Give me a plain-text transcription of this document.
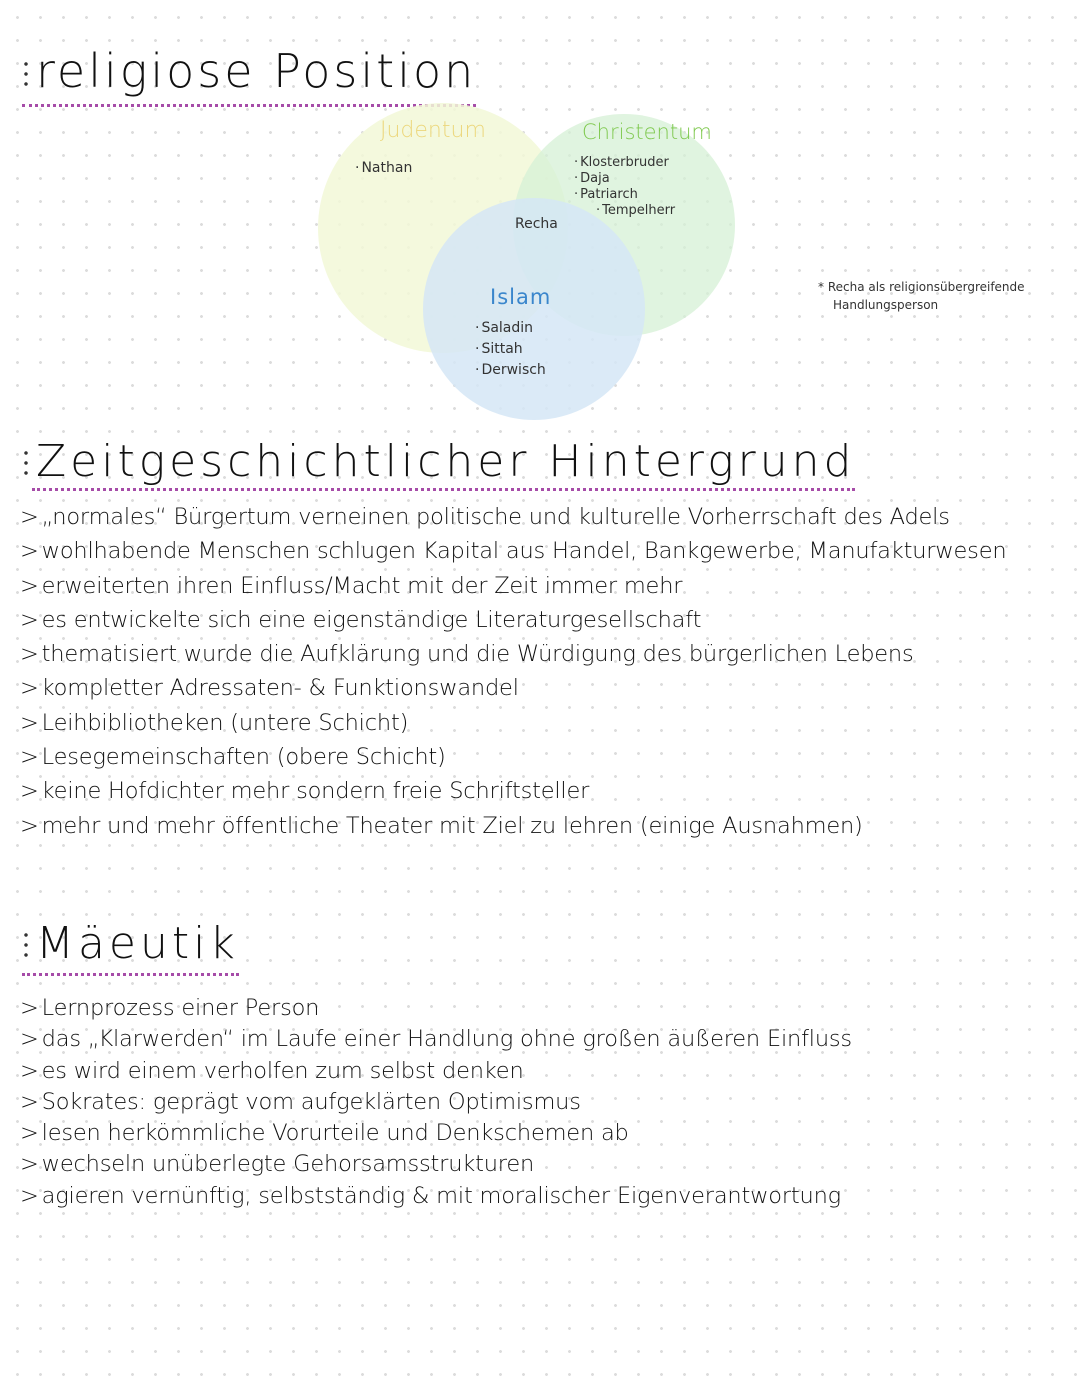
religiose Position
Judentum	Christentum
Islam
Recha
· Nathan	· Klosterbruder
· Daja
· Patriarch
· Tempelherr
· Saladin
· Sittah
· Derwisch
* Recha als religionsübergreifende
Handlungsperson
Zeitgeschichtlicher Hintergrund
> „normales“ Bürgertum verneinen politische und kulturelle Vorherrschaft des Adels
> wohlhabende Menschen schlugen Kapital aus Handel, Bankgewerbe, Manufakturwesen
> erweiterten ihren Einfluss/Macht mit der Zeit immer mehr
> es entwickelte sich eine eigenständige Literaturgesellschaft
> thematisiert wurde die Aufklärung und die Würdigung des bürgerlichen Lebens
> kompletter Adressaten- & Funktionswandel
> Leihbibliotheken (untere Schicht)
> Lesegemeinschaften (obere Schicht)
> keine Hofdichter mehr sondern freie Schriftsteller
> mehr und mehr öffentliche Theater mit Ziel zu lehren (einige Ausnahmen)
Mäeutik
> Lernprozess einer Person
> das „Klarwerden“ im Laufe einer Handlung ohne großen äußeren Einfluss
> es wird einem verholfen zum selbst denken
> Sokrates: geprägt vom aufgeklärten Optimismus
> lesen herkömmliche Vorurteile und Denkschemen ab
> wechseln unüberlegte Gehorsamsstrukturen
> agieren vernünftig, selbstständig & mit moralischer Eigenverantwortung
